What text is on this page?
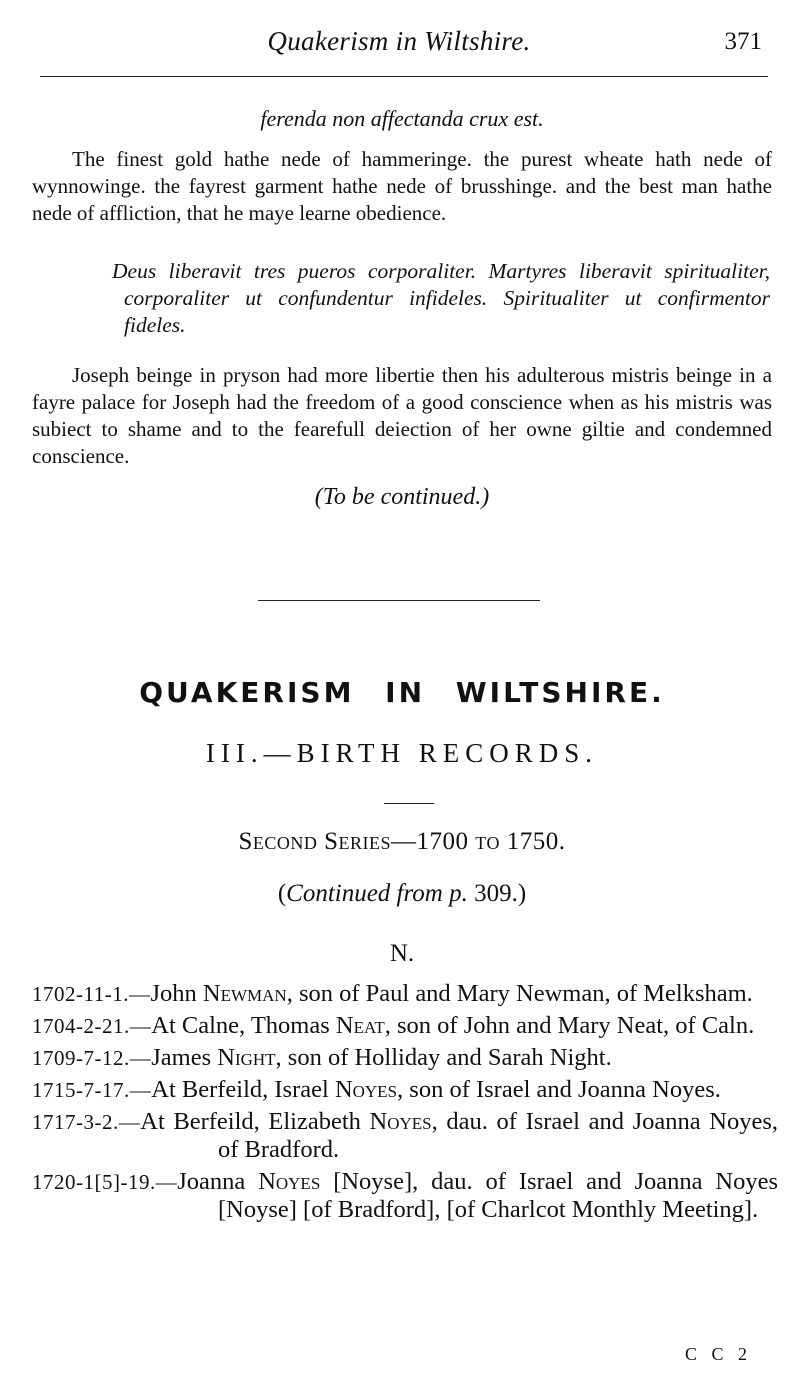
Quakerism in Wiltshire.	371
ferenda non affectanda crux est.

The finest gold hathe nede of hammeringe. the purest wheate hath nede of wynnowinge. the fayrest garment hathe nede of brusshinge. and the best man hathe nede of affliction, that he maye learne obedience.

Deus liberavit tres pueros corporaliter. Martyres liberavit spiritualiter, corporaliter ut confundentur infideles. Spiritualiter ut confirmentor fideles.

Joseph beinge in pryson had more libertie then his adulterous mistris beinge in a fayre palace for Joseph had the freedom of a good conscience when as his mistris was subiect to shame and to the fearefull deiection of her owne giltie and condemned conscience.

(To be continued.)
QUAKERISM IN WILTSHIRE.
III.—BIRTH RECORDS.
Second Series—1700 to 1750.
(Continued from p. 309.)
N.
1702-11-1.—John Newman, son of Paul and Mary Newman, of Melksham.
1704-2-21.—At Calne, Thomas Neat, son of John and Mary Neat, of Caln.
1709-7-12.—James Night, son of Holliday and Sarah Night.
1715-7-17.—At Berfeild, Israel Noyes, son of Israel and Joanna Noyes.
1717-3-2.—At Berfeild, Elizabeth Noyes, dau. of Israel and Joanna Noyes, of Bradford.
1720-1[5]-19.—Joanna Noyes [Noyse], dau. of Israel and Joanna Noyes [Noyse] [of Bradford], [of Charlcot Monthly Meeting].
C C 2
